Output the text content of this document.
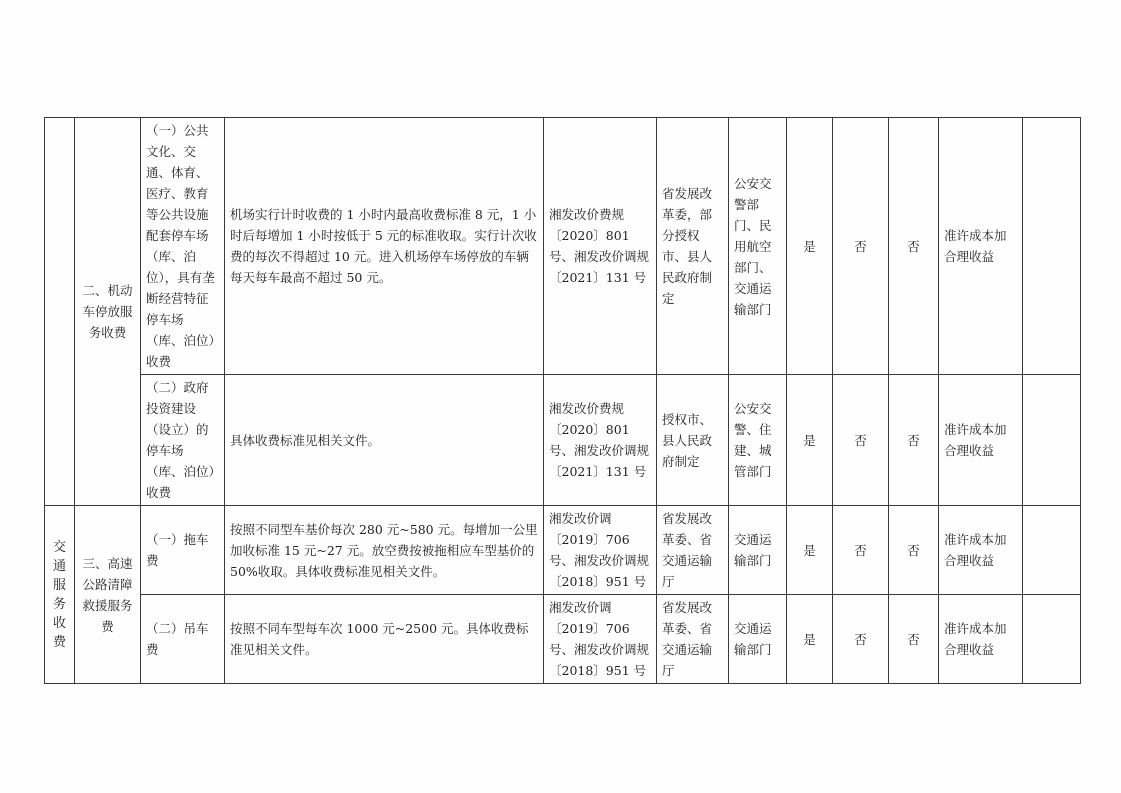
	二、机动车停放服务收费	（一）公共文化、交通、体育、医疗、教育等公共设施配套停车场（库、泊位），具有垄断经营特征停车场（库、泊位）收费	机场实行计时收费的 1 小时内最高收费标准 8 元，1 小时后每增加 1 小时按低于 5 元的标准收取。实行计次收费的每次不得超过 10 元。进入机场停车场停放的车辆每天每车最高不超过 50 元。	湘发改价费规〔2020〕801 号、湘发改价调规〔2021〕131 号	省发展改革委，部分授权市、县人民政府制定	公安交警部门、民用航空部门、交通运输部门	是	否	否	准许成本加合理收益	
		（二）政府投资建设（设立）的停车场（库、泊位）收费	具体收费标准见相关文件。	湘发改价费规〔2020〕801 号、湘发改价调规〔2021〕131 号	授权市、县人民政府制定	公安交警、住建、城管部门	是	否	否	准许成本加合理收益	
交通服务收费	三、高速公路清障救援服务费	（一）拖车费	按照不同型车基价每次 280 元~580 元。每增加一公里加收标准 15 元~27 元。放空费按被拖相应车型基价的 50%收取。具体收费标准见相关文件。	湘发改价调〔2019〕706 号、湘发改价调规〔2018〕951 号	省发展改革委、省交通运输厅	交通运输部门	是	否	否	准许成本加合理收益	
		（二）吊车费	按照不同车型每车次 1000 元~2500 元。具体收费标准见相关文件。	湘发改价调〔2019〕706 号、湘发改价调规〔2018〕951 号	省发展改革委、省交通运输厅	交通运输部门	是	否	否	准许成本加合理收益	
